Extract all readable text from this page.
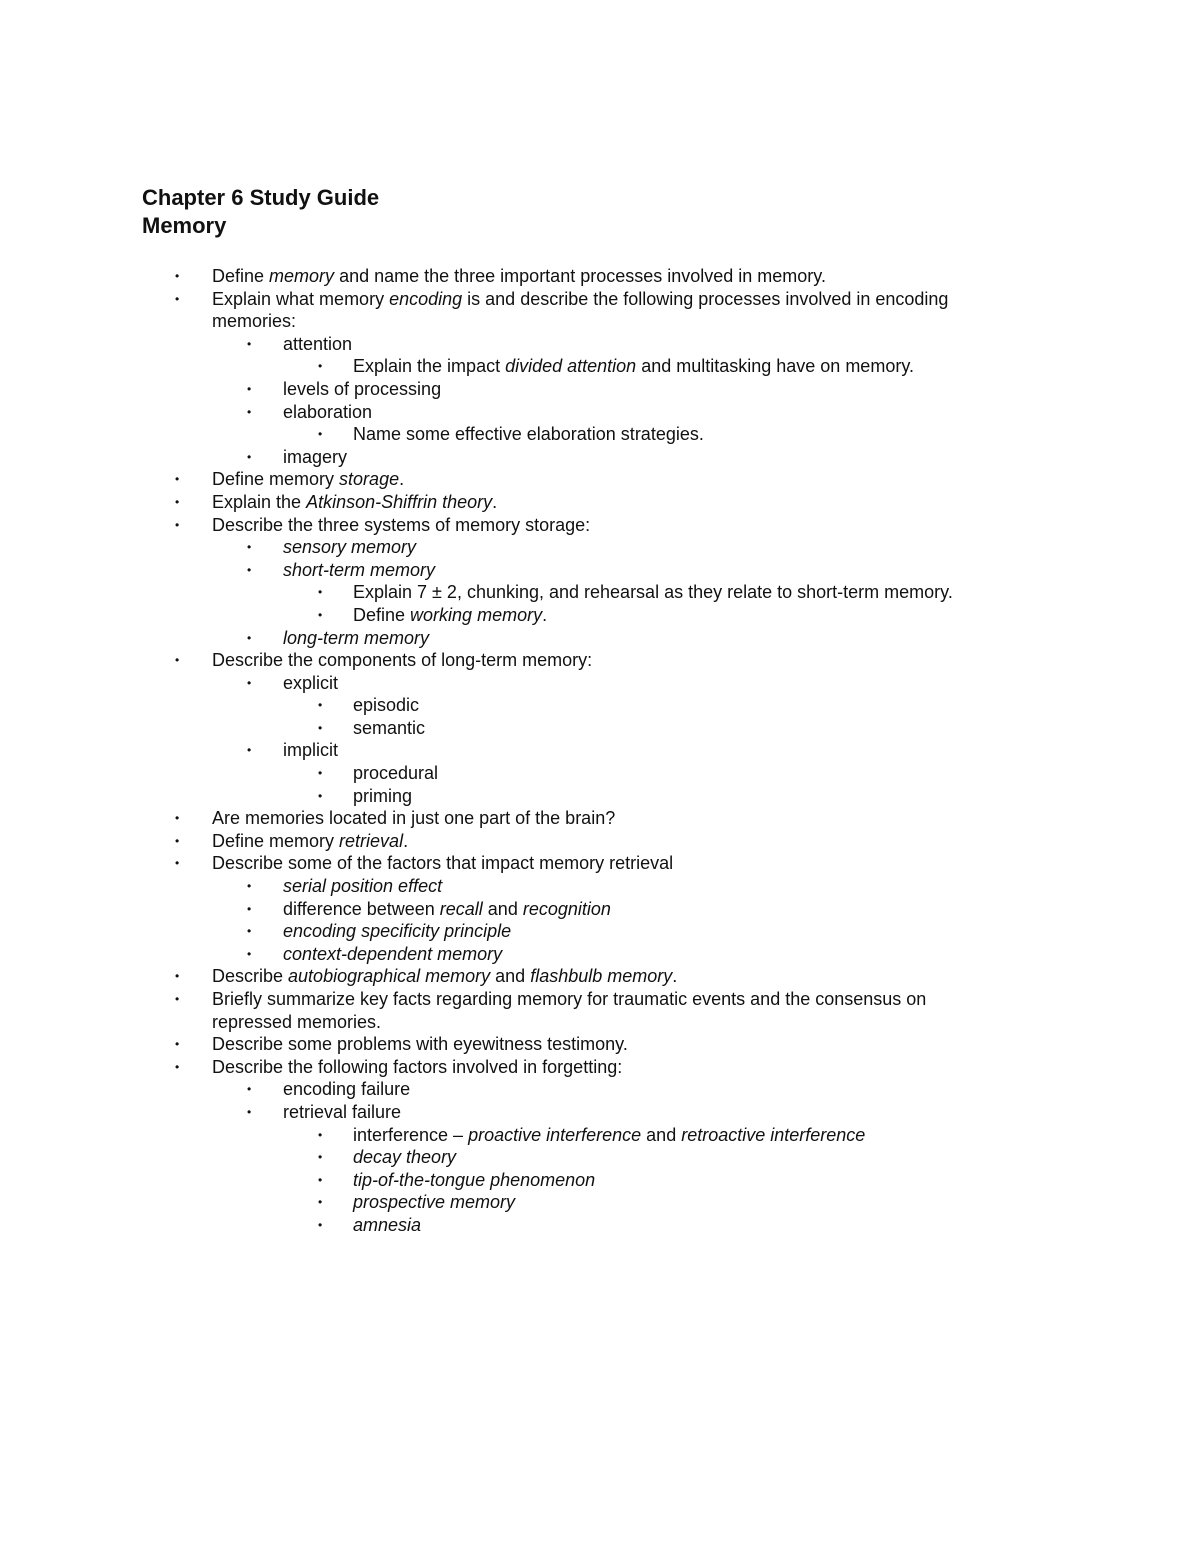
Chapter 6 Study Guide
Memory
• Define memory and name the three important processes involved in memory.
• Explain what memory encoding is and describe the following processes involved in encoding
memories:
• attention
• Explain the impact divided attention and multitasking have on memory.
• levels of processing
• elaboration
• Name some effective elaboration strategies.
• imagery
• Define memory storage.
• Explain the Atkinson-Shiffrin theory.
• Describe the three systems of memory storage:
• sensory memory
• short-term memory
• Explain 7 ± 2, chunking, and rehearsal as they relate to short-term memory.
• Define working memory.
• long-term memory
• Describe the components of long-term memory:
• explicit
• episodic
• semantic
• implicit
• procedural
• priming
• Are memories located in just one part of the brain?
• Define memory retrieval.
• Describe some of the factors that impact memory retrieval
• serial position effect
• difference between recall and recognition
• encoding specificity principle
• context-dependent memory
• Describe autobiographical memory and flashbulb memory.
• Briefly summarize key facts regarding memory for traumatic events and the consensus on
repressed memories.
• Describe some problems with eyewitness testimony.
• Describe the following factors involved in forgetting:
• encoding failure
• retrieval failure
• interference – proactive interference and retroactive interference
• decay theory
• tip-of-the-tongue phenomenon
• prospective memory
• amnesia
